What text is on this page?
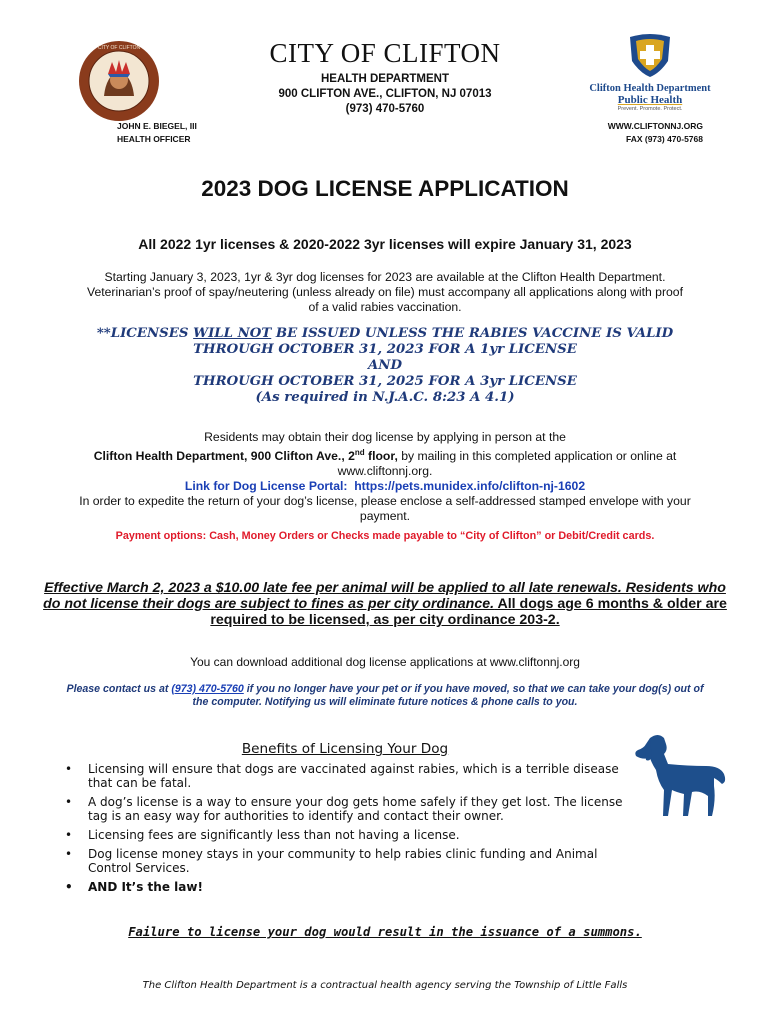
CITY OF CLIFTON
Clifton Health Department
Public Health
Prevent. Promote. Protect.
CITY OF CLIFTON
HEALTH DEPARTMENT
900 CLIFTON AVE., CLIFTON, NJ 07013
(973) 470-5760
JOHN E. BIEGEL, III
HEALTH OFFICER
WWW.CLIFTONNJ.ORG
FAX (973) 470-5768
2023 DOG LICENSE APPLICATION
All 2022 1yr licenses & 2020-2022 3yr licenses will expire January 31, 2023
Starting January 3, 2023, 1yr & 3yr dog licenses for 2023 are available at the Clifton Health Department. Veterinarian’s proof of spay/neutering (unless already on file) must accompany all applications along with proof of a valid rabies vaccination.
**LICENSES WILL NOT BE ISSUED UNLESS THE RABIES VACCINE IS VALID
THROUGH OCTOBER 31, 2023 FOR A 1yr LICENSE
AND
THROUGH OCTOBER 31, 2025 FOR A 3yr LICENSE
(As required in N.J.A.C. 8:23 A 4.1)
Residents may obtain their dog license by applying in person at the
Clifton Health Department, 900 Clifton Ave., 2nd floor, by mailing in this completed application or online at www.cliftonnj.org.
Link for Dog License Portal: https://pets.munidex.info/clifton-nj-1602
In order to expedite the return of your dog’s license, please enclose a self-addressed stamped envelope with your payment.
Payment options: Cash, Money Orders or Checks made payable to “City of Clifton” or Debit/Credit cards.
Effective March 2, 2023 a $10.00 late fee per animal will be applied to all late renewals. Residents who do not license their dogs are subject to fines as per city ordinance. All dogs age 6 months & older are required to be licensed, as per city ordinance 203-2.
You can download additional dog license applications at www.cliftonnj.org
Please contact us at (973) 470-5760 if you no longer have your pet or if you have moved, so that we can take your dog(s) out of the computer. Notifying us will eliminate future notices & phone calls to you.
Benefits of Licensing Your Dog
• Licensing will ensure that dogs are vaccinated against rabies, which is a terrible disease that can be fatal.
• A dog’s license is a way to ensure your dog gets home safely if they get lost. The license tag is an easy way for authorities to identify and contact their owner.
• Licensing fees are significantly less than not having a license.
• Dog license money stays in your community to help rabies clinic funding and Animal Control Services.
• AND It’s the law!
Failure to license your dog would result in the issuance of a summons.
The Clifton Health Department is a contractual health agency serving the Township of Little Falls
